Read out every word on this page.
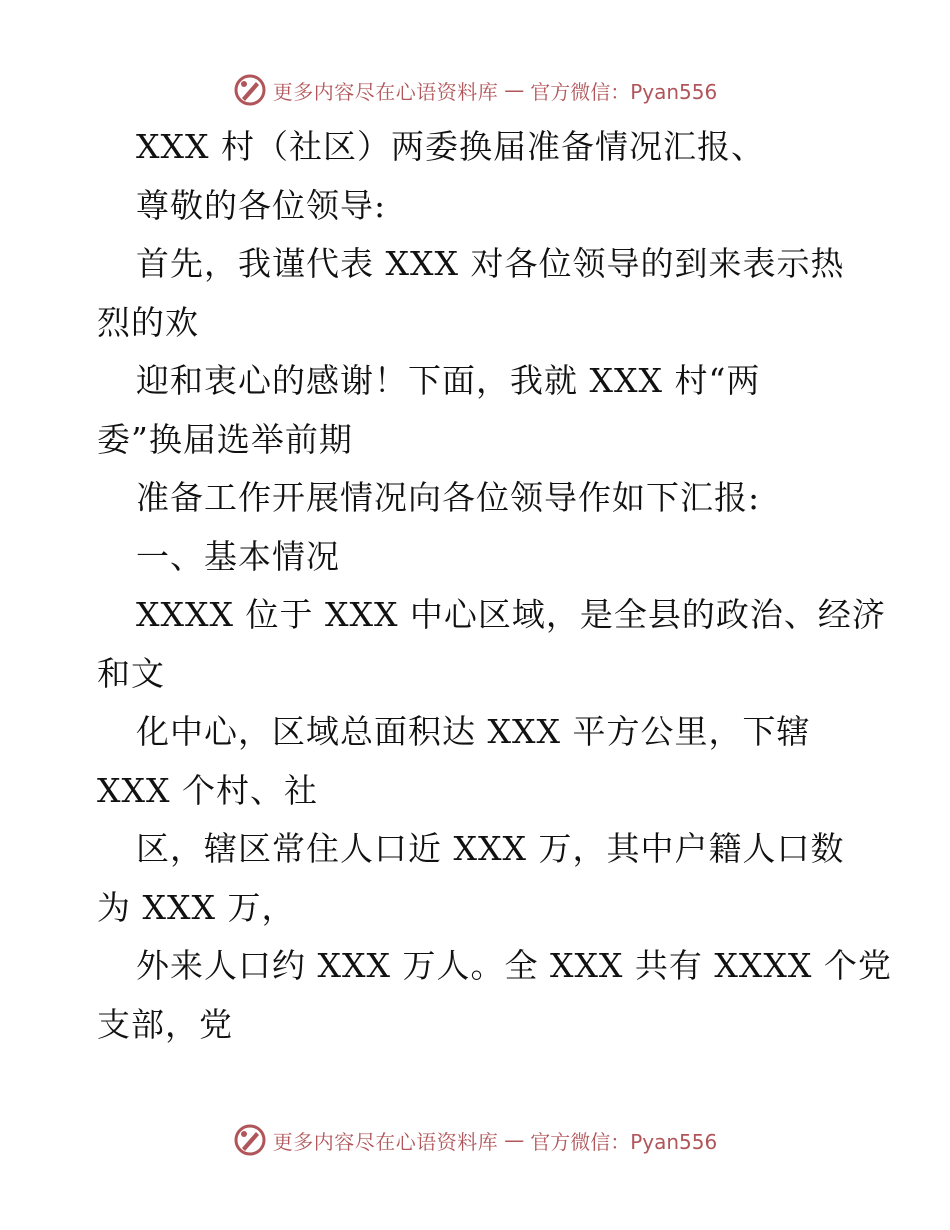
更多内容尽在心语资料库 — 官方微信：Pyan556
XXX 村（社区）两委换届准备情况汇报、
尊敬的各位领导:
首先，我谨代表 XXX 对各位领导的到来表示热
烈的欢
迎和衷心的感谢！下面，我就 XXX 村“两
委”换届选举前期
准备工作开展情况向各位领导作如下汇报:
一、基本情况
XXXX 位于 XXX 中心区域，是全县的政治、经济
和文
化中心，区域总面积达 XXX 平方公里，下辖
XXX 个村、社
区，辖区常住人口近 XXX 万，其中户籍人口数
为 XXX 万，
外来人口约 XXX 万人。全 XXX 共有 XXXX 个党
支部，党
更多内容尽在心语资料库 — 官方微信：Pyan556
